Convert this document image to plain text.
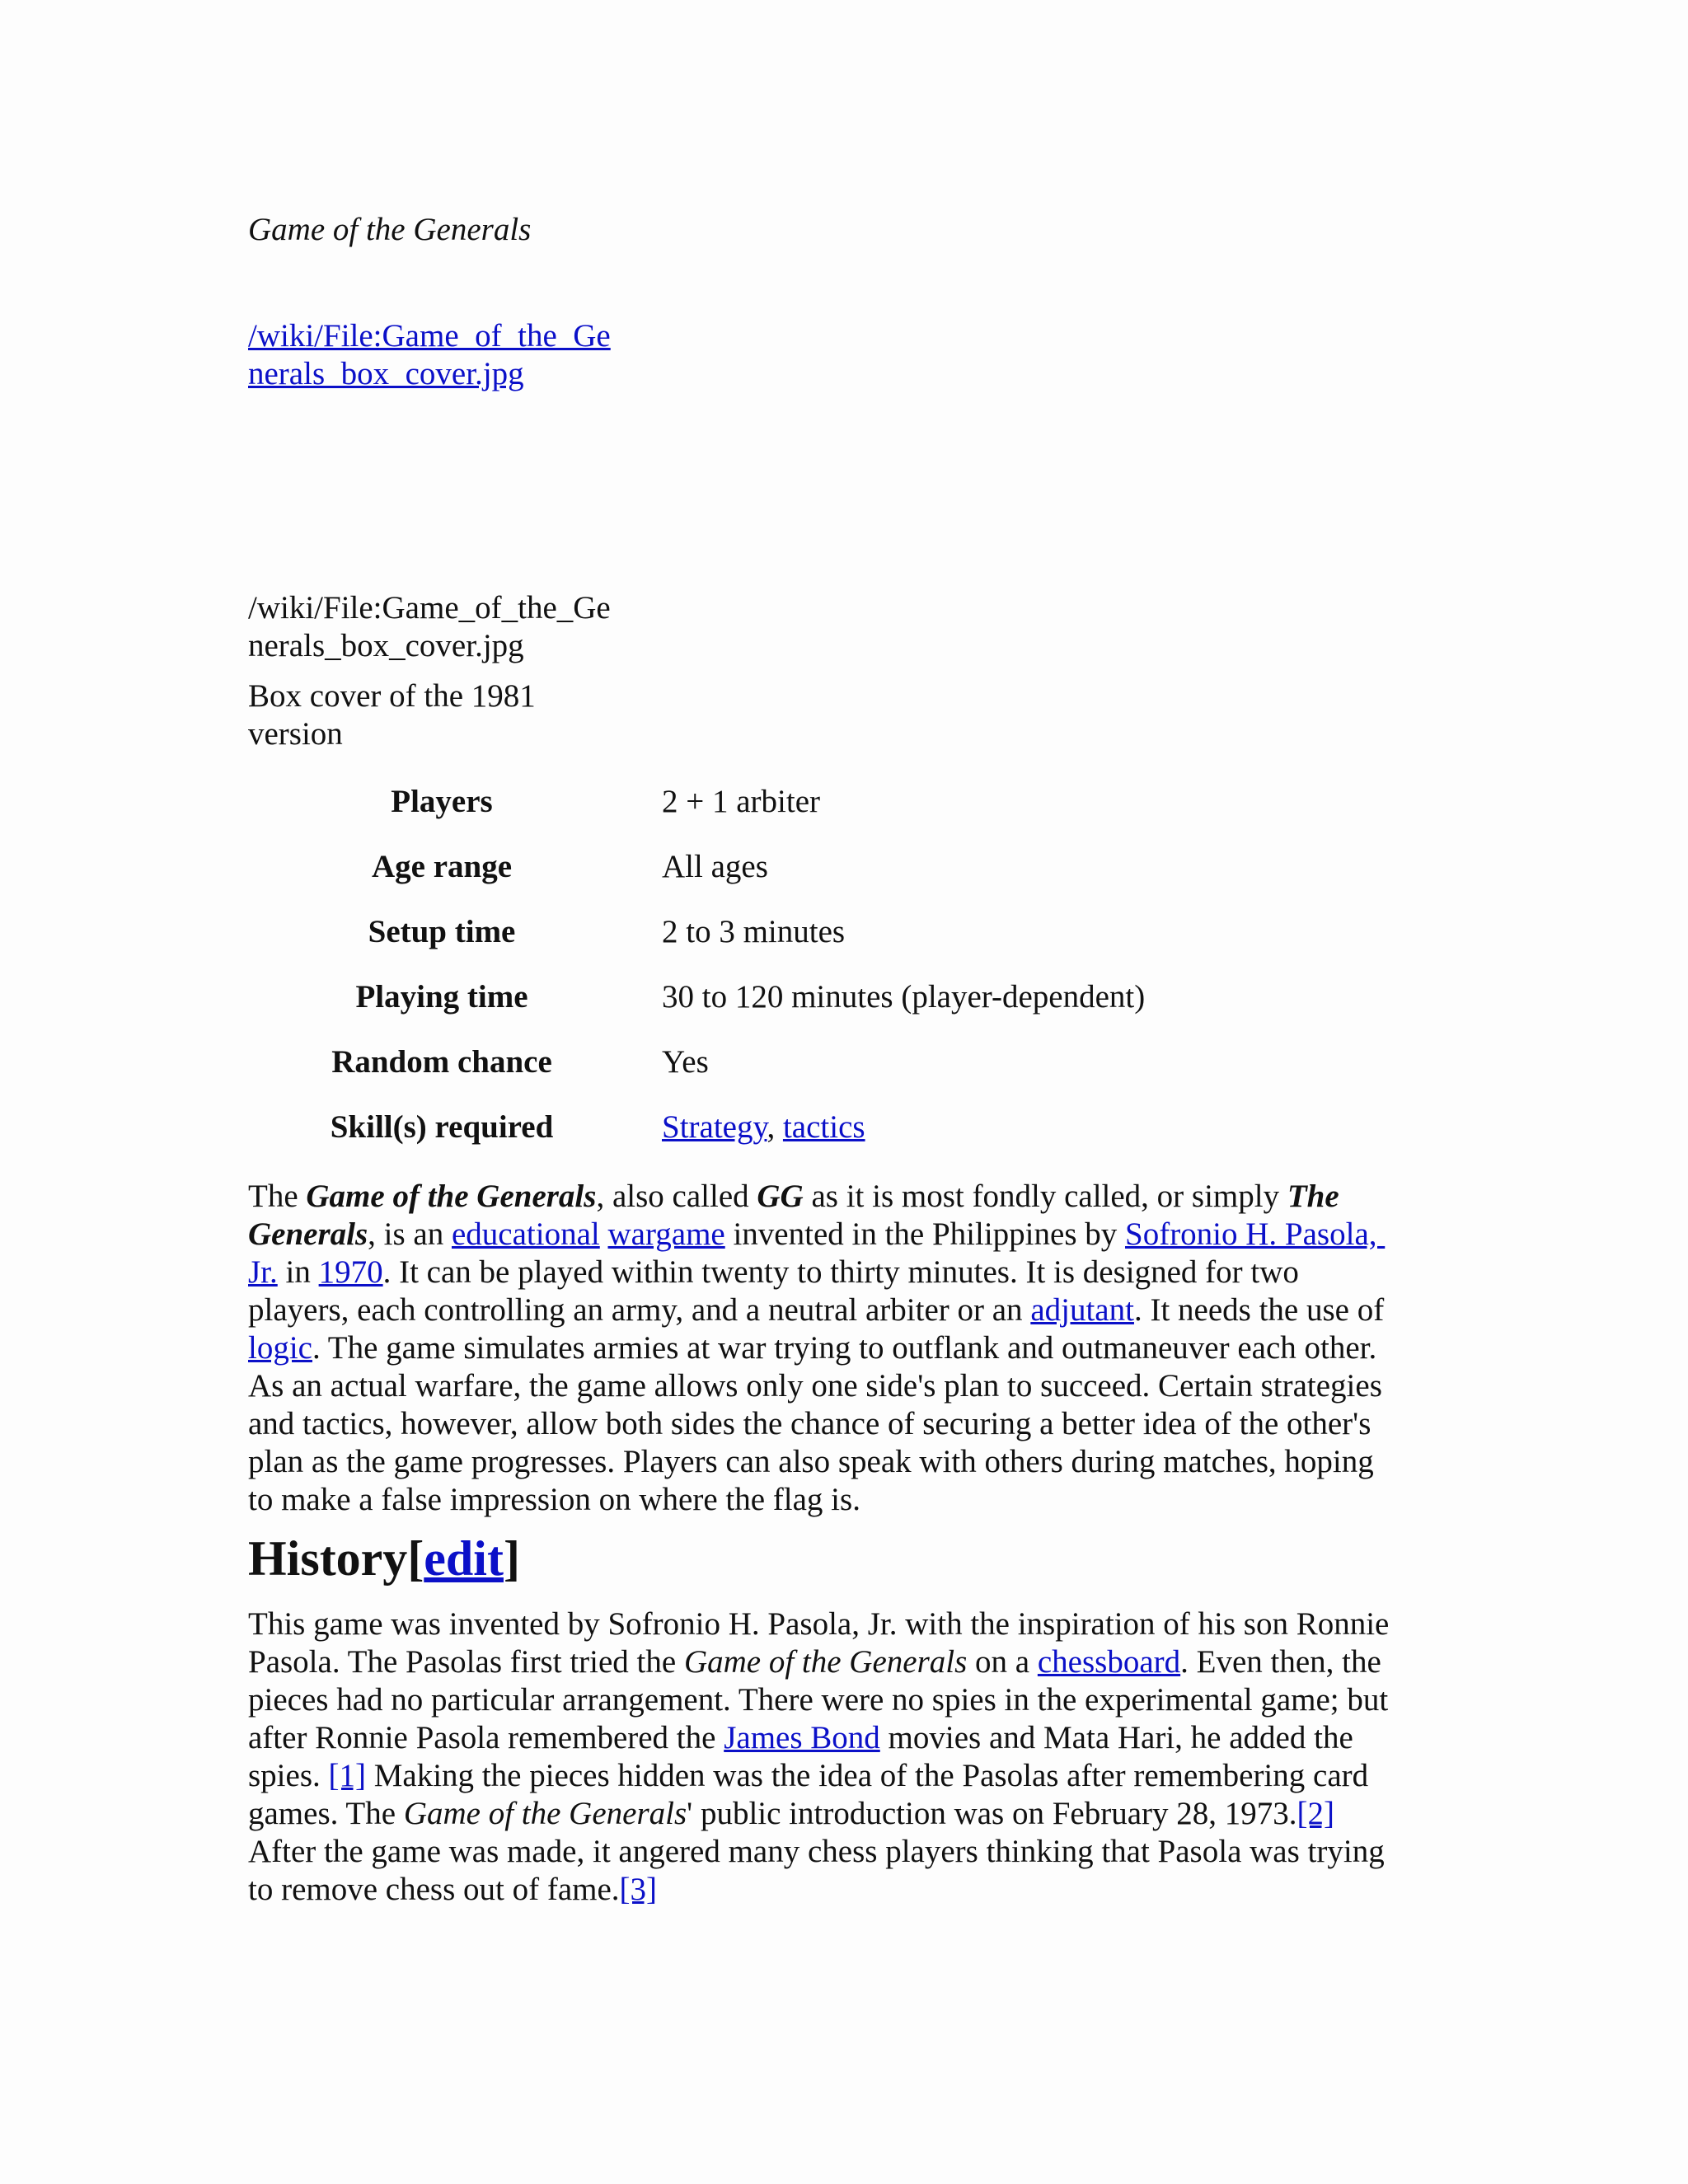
Game of the Generals
/wiki/File:Game_of_the_Ge
nerals_box_cover.jpg
/wiki/File:Game_of_the_Ge
nerals_box_cover.jpg
Box cover of the 1981
version
Players	2 + 1 arbiter
Age range	All ages
Setup time	2 to 3 minutes
Playing time	30 to 120 minutes (player-dependent)
Random chance	Yes
Skill(s) required	Strategy, tactics
The Game of the Generals, also called GG as it is most fondly called, or simply The
Generals, is an educational wargame invented in the Philippines by Sofronio H. Pasola,
Jr. in 1970. It can be played within twenty to thirty minutes. It is designed for two
players, each controlling an army, and a neutral arbiter or an adjutant. It needs the use of
logic. The game simulates armies at war trying to outflank and outmaneuver each other.
As an actual warfare, the game allows only one side's plan to succeed. Certain strategies
and tactics, however, allow both sides the chance of securing a better idea of the other's
plan as the game progresses. Players can also speak with others during matches, hoping
to make a false impression on where the flag is.
History[edit]
This game was invented by Sofronio H. Pasola, Jr. with the inspiration of his son Ronnie
Pasola. The Pasolas first tried the Game of the Generals on a chessboard. Even then, the
pieces had no particular arrangement. There were no spies in the experimental game; but
after Ronnie Pasola remembered the James Bond movies and Mata Hari, he added the
spies. [1] Making the pieces hidden was the idea of the Pasolas after remembering card
games. The Game of the Generals' public introduction was on February 28, 1973.[2]
After the game was made, it angered many chess players thinking that Pasola was trying
to remove chess out of fame.[3]
